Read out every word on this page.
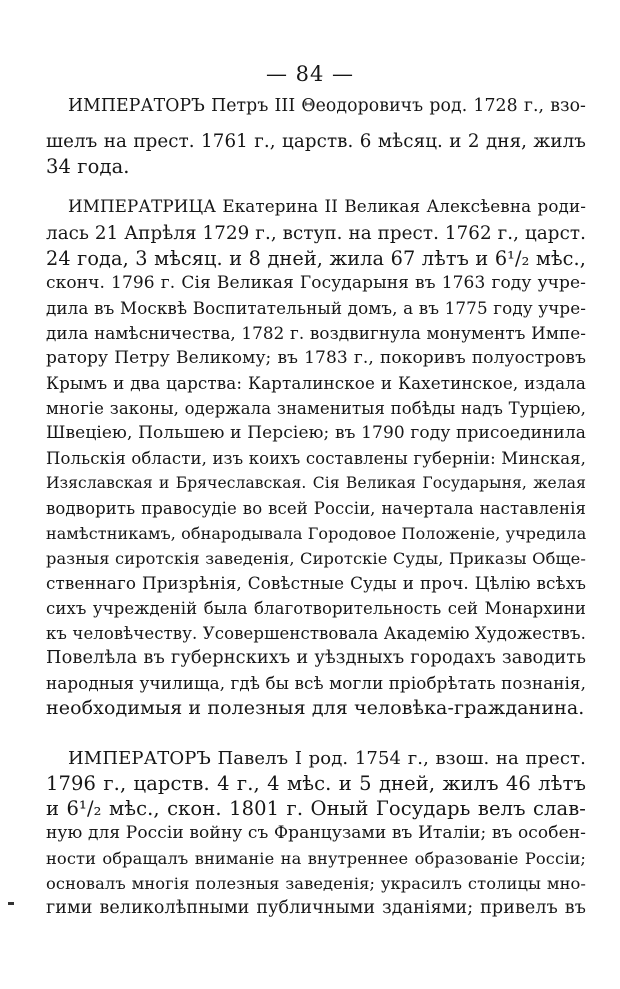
— 84 —
ИМПЕРАТОРЪ Петръ III Θеодоровичъ род. 1728 г., взо-
шелъ на прест. 1761 г., царств. 6 мѣсяц. и 2 дня, жилъ
34 года.
ИМПЕРАТРИЦА Екатерина II Великая Алексѣевна роди-
лась 21 Апрѣля 1729 г., вступ. на прест. 1762 г., царст.
24 года, 3 мѣсяц. и 8 дней, жила 67 лѣтъ и 6¹/₂ мѣс.,
сконч. 1796 г. Сія Великая Государыня въ 1763 году учре-
дила въ Москвѣ Воспитательный домъ, а въ 1775 году учре-
дила намѣсничества, 1782 г. воздвигнула монументъ Импе-
ратору Петру Великому; въ 1783 г., покоривъ полуостровъ
Крымъ и два царства: Карталинское и Кахетинское, издала
многіе законы, одержала знаменитыя побѣды надъ Турціею,
Швеціею, Польшею и Персіею; въ 1790 году присоединила
Польскія области, изъ коихъ составлены губерніи: Минская,
Изяславская и Брячеславская. Сія Великая Государыня, желая
водворить правосудіе во всей Россіи, начертала наставленія
намѣстникамъ, обнародывала Городовое Положеніе, учредила
разныя сиротскія заведенія, Сиротскіе Суды, Приказы Обще-
ственнаго Призрѣнія, Совѣстные Суды и проч. Цѣлію всѣхъ
сихъ учрежденій была благотворительность сей Монархини
къ человѣчеству. Усовершенствовала Академію Художествъ.
Повелѣла въ губернскихъ и уѣздныхъ городахъ заводить
народныя училища, гдѣ бы всѣ могли пріобрѣтать познанія,
необходимыя и полезныя для человѣка-гражданина.
ИМПЕРАТОРЪ Павелъ I род. 1754 г., взош. на прест.
1796 г., царств. 4 г., 4 мѣс. и 5 дней, жилъ 46 лѣтъ
и 6¹/₂ мѣс., скон. 1801 г. Оный Государь велъ слав-
ную для Россіи войну съ Французами въ Италіи; въ особен-
ности обращалъ вниманіе на внутреннее образованіе Россіи;
основалъ многія полезныя заведенія; украсилъ столицы мно-
гими великолѣпными публичными зданіями; привелъ въ
